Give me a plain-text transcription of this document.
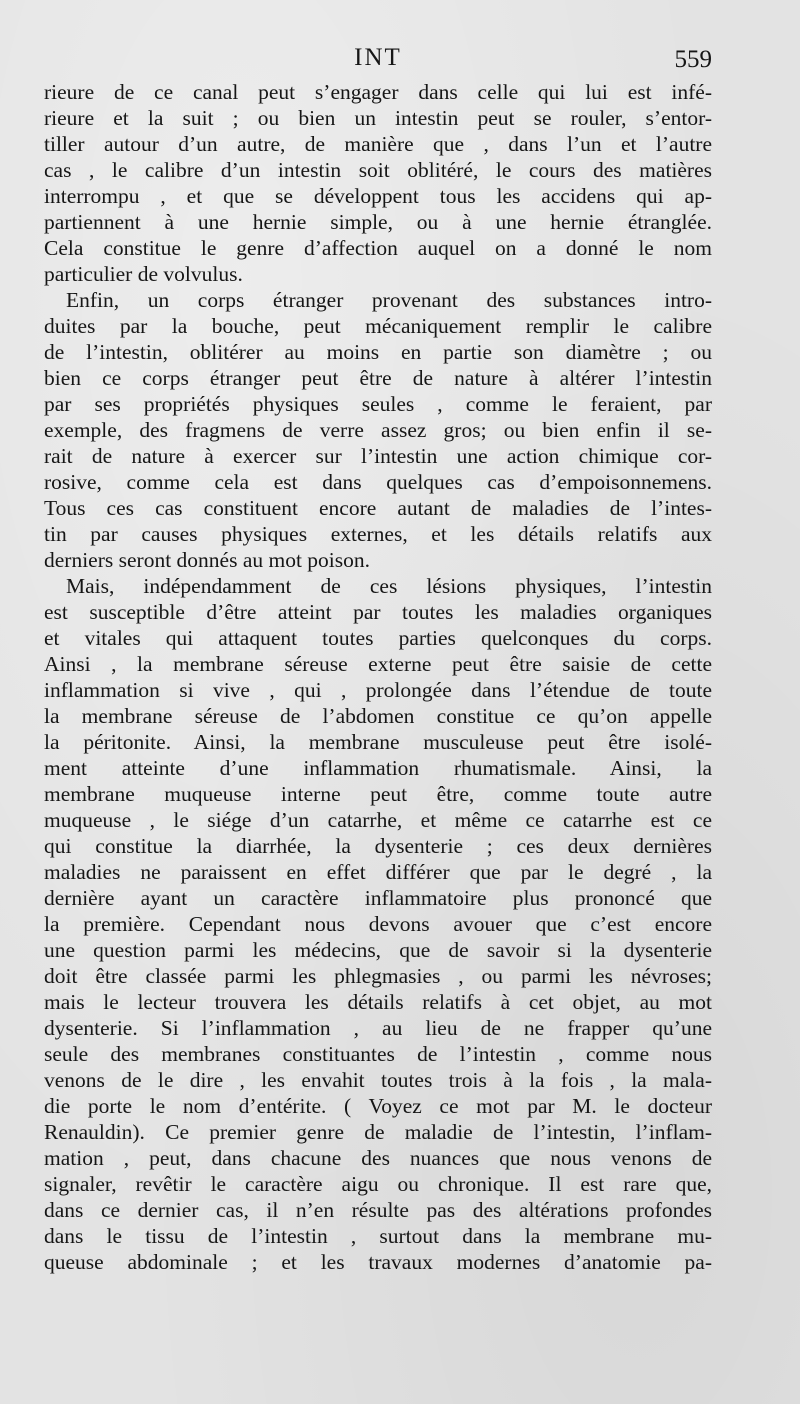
INT	559
rieure de ce canal peut s’engager dans celle qui lui est infé-
rieure et la suit ; ou bien un intestin peut se rouler, s’entor-
tiller autour d’un autre, de manière que , dans l’un et l’autre
cas , le calibre d’un intestin soit oblitéré, le cours des matières
interrompu , et que se développent tous les accidens qui ap-
partiennent à une hernie simple, ou à une hernie étranglée.
Cela constitue le genre d’affection auquel on a donné le nom
particulier de volvulus.
Enfin, un corps étranger provenant des substances intro-
duites par la bouche, peut mécaniquement remplir le calibre
de l’intestin, oblitérer au moins en partie son diamètre ; ou
bien ce corps étranger peut être de nature à altérer l’intestin
par ses propriétés physiques seules , comme le feraient, par
exemple, des fragmens de verre assez gros; ou bien enfin il se-
rait de nature à exercer sur l’intestin une action chimique cor-
rosive, comme cela est dans quelques cas d’empoisonnemens.
Tous ces cas constituent encore autant de maladies de l’intes-
tin par causes physiques externes, et les détails relatifs aux
derniers seront donnés au mot poison.
Mais, indépendamment de ces lésions physiques, l’intestin
est susceptible d’être atteint par toutes les maladies organiques
et vitales qui attaquent toutes parties quelconques du corps.
Ainsi , la membrane séreuse externe peut être saisie de cette
inflammation si vive , qui , prolongée dans l’étendue de toute
la membrane séreuse de l’abdomen constitue ce qu’on appelle
la péritonite. Ainsi, la membrane musculeuse peut être isolé-
ment atteinte d’une inflammation rhumatismale. Ainsi, la
membrane muqueuse interne peut être, comme toute autre
muqueuse , le siége d’un catarrhe, et même ce catarrhe est ce
qui constitue la diarrhée, la dysenterie ; ces deux dernières
maladies ne paraissent en effet différer que par le degré , la
dernière ayant un caractère inflammatoire plus prononcé que
la première. Cependant nous devons avouer que c’est encore
une question parmi les médecins, que de savoir si la dysenterie
doit être classée parmi les phlegmasies , ou parmi les névroses;
mais le lecteur trouvera les détails relatifs à cet objet, au mot
dysenterie. Si l’inflammation , au lieu de ne frapper qu’une
seule des membranes constituantes de l’intestin , comme nous
venons de le dire , les envahit toutes trois à la fois , la mala-
die porte le nom d’entérite. ( Voyez ce mot par M. le docteur
Renauldin). Ce premier genre de maladie de l’intestin, l’inflam-
mation , peut, dans chacune des nuances que nous venons de
signaler, revêtir le caractère aigu ou chronique. Il est rare que,
dans ce dernier cas, il n’en résulte pas des altérations profondes
dans le tissu de l’intestin , surtout dans la membrane mu-
queuse abdominale ; et les travaux modernes d’anatomie pa-
